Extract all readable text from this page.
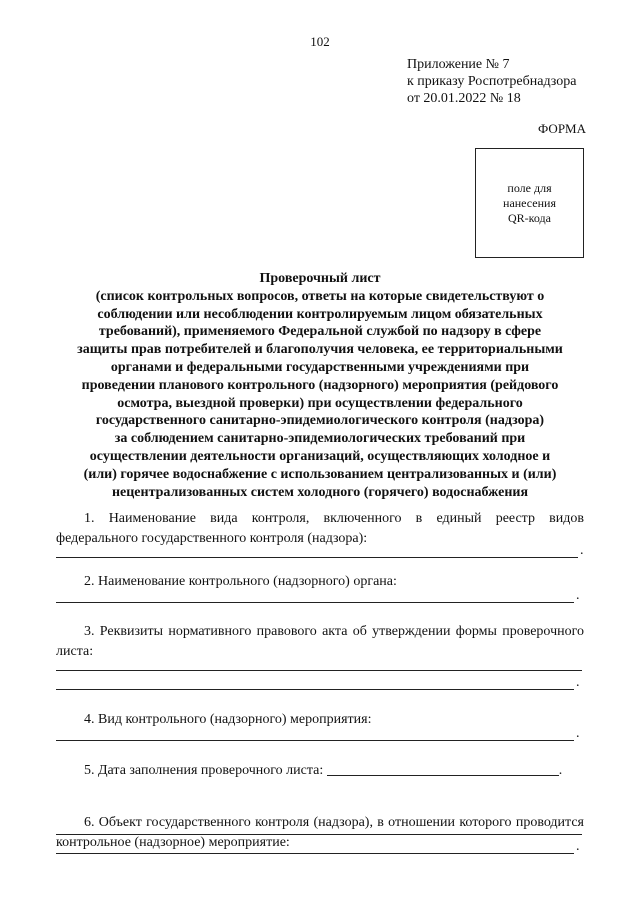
102
Приложение № 7
к приказу Роспотребнадзора
от 20.01.2022 № 18
ФОРМА
поле для
нанесения
QR-кода
Проверочный лист
(список контрольных вопросов, ответы на которые свидетельствуют о
соблюдении или несоблюдении контролируемым лицом обязательных
требований), применяемого Федеральной службой по надзору в сфере
защиты прав потребителей и благополучия человека, ее территориальными
органами и федеральными государственными учреждениями при
проведении планового контрольного (надзорного) мероприятия (рейдового
осмотра, выездной проверки) при осуществлении федерального
государственного санитарно-эпидемиологического контроля (надзора)
за соблюдением санитарно-эпидемиологических требований при
осуществлении деятельности организаций, осуществляющих холодное и
(или) горячее водоснабжение с использованием централизованных и (или)
нецентрализованных систем холодного (горячего) водоснабжения
1. Наименование вида контроля, включенного в единый реестр видов федерального государственного контроля (надзора):
.
2. Наименование контрольного (надзорного) органа:
.
3. Реквизиты нормативного правового акта об утверждении формы проверочного листа:
.
4. Вид контрольного (надзорного) мероприятия:
.
5. Дата заполнения проверочного листа:	.
6. Объект государственного контроля (надзора), в отношении которого проводится контрольное (надзорное) мероприятие:	.
